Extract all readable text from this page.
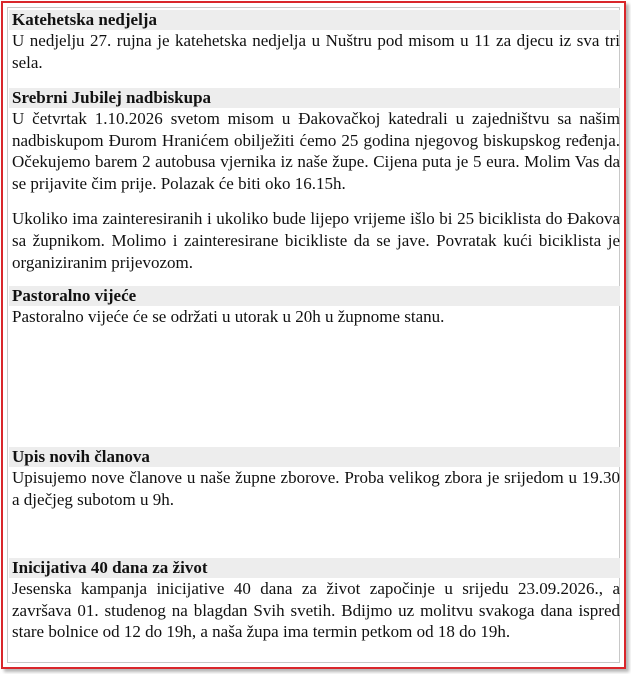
Katehetska nedjelja

U nedjelju 27. rujna je katehetska nedjelja u Nuštru pod misom u 11 za djecu iz sva tri sela.

Srebrni Jubilej nadbiskupa

U četvrtak 1.10.2026 svetom misom u Đakovačkoj katedrali u zajedništvu sa našim nadbiskupom Đurom Hranićem obilježiti ćemo 25 godina njegovog biskupskog ređenja. Očekujemo barem 2 autobusa vjernika iz naše župe. Cijena puta je 5 eura. Molim Vas da se prijavite čim prije. Polazak će biti oko 16.15h.

Ukoliko ima zainteresiranih i ukoliko bude lijepo vrijeme išlo bi 25 biciklista do Đakova sa župnikom. Molimo i zainteresirane bicikliste da se jave. Povratak kući biciklista je organiziranim prijevozom.

Pastoralno vijeće

Pastoralno vijeće će se održati u utorak u 20h u župnome stanu.

Upis novih članova

Upisujemo nove članove u naše župne zborove. Proba velikog zbora je srijedom u 19.30 a dječjeg subotom u 9h.

Inicijativa 40 dana za život

Jesenska kampanja inicijative 40 dana za život započinje u srijedu 23.09.2026., a završava 01. studenog na blagdan Svih svetih. Bdijmo uz molitvu svakoga dana ispred stare bolnice od 12 do 19h, a naša župa ima termin petkom od 18 do 19h.
